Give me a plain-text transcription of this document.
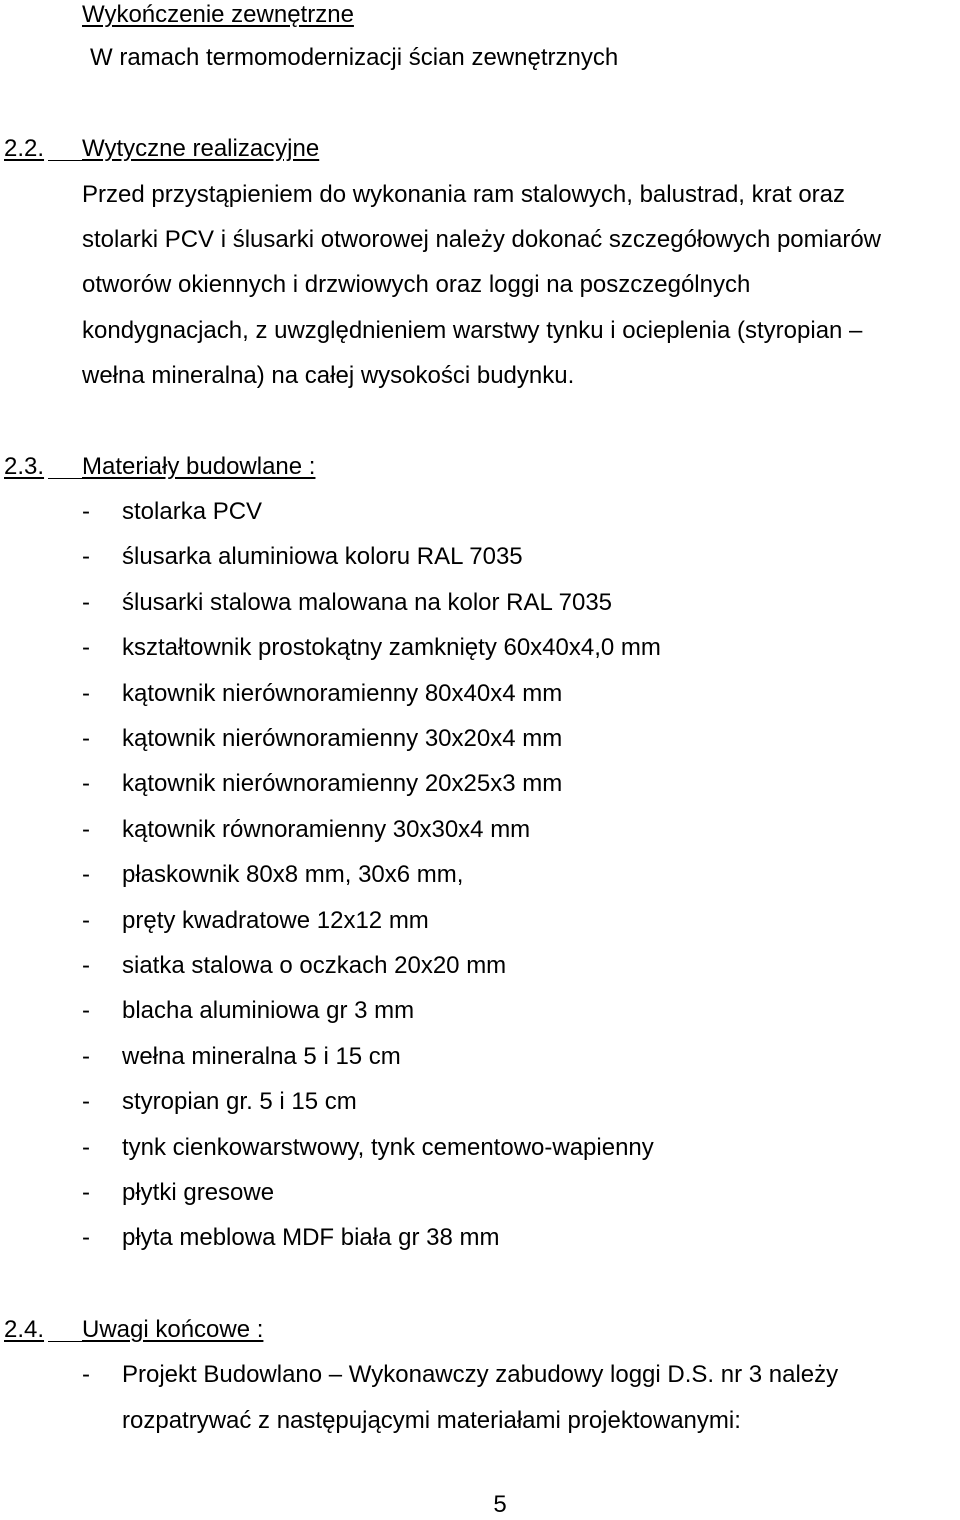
Wykończenie zewnętrzne
W ramach termomodernizacji ścian zewnętrznych
2.2. Wytyczne realizacyjne
Przed przystąpieniem do wykonania ram stalowych, balustrad, krat oraz
stolarki PCV i ślusarki otworowej należy dokonać szczegółowych pomiarów
otworów okiennych i drzwiowych oraz loggi na poszczególnych
kondygnacjach, z uwzględnieniem warstwy tynku i ocieplenia (styropian –
wełna mineralna) na całej wysokości budynku.
2.3. Materiały budowlane :
- stolarka PCV
- ślusarka aluminiowa koloru RAL 7035
- ślusarki stalowa malowana na kolor RAL 7035
- kształtownik prostokątny zamknięty 60x40x4,0 mm
- kątownik nierównoramienny 80x40x4 mm
- kątownik nierównoramienny 30x20x4 mm
- kątownik nierównoramienny 20x25x3 mm
- kątownik równoramienny 30x30x4 mm
- płaskownik 80x8 mm, 30x6 mm,
- pręty kwadratowe 12x12 mm
- siatka stalowa o oczkach 20x20 mm
- blacha aluminiowa gr 3 mm
- wełna mineralna 5 i 15 cm
- styropian gr. 5 i 15 cm
- tynk cienkowarstwowy, tynk cementowo-wapienny
- płytki gresowe
- płyta meblowa MDF biała gr 38 mm
2.4. Uwagi końcowe :
- Projekt Budowlano – Wykonawczy zabudowy loggi D.S. nr 3 należy
rozpatrywać z następującymi materiałami projektowanymi:
5
